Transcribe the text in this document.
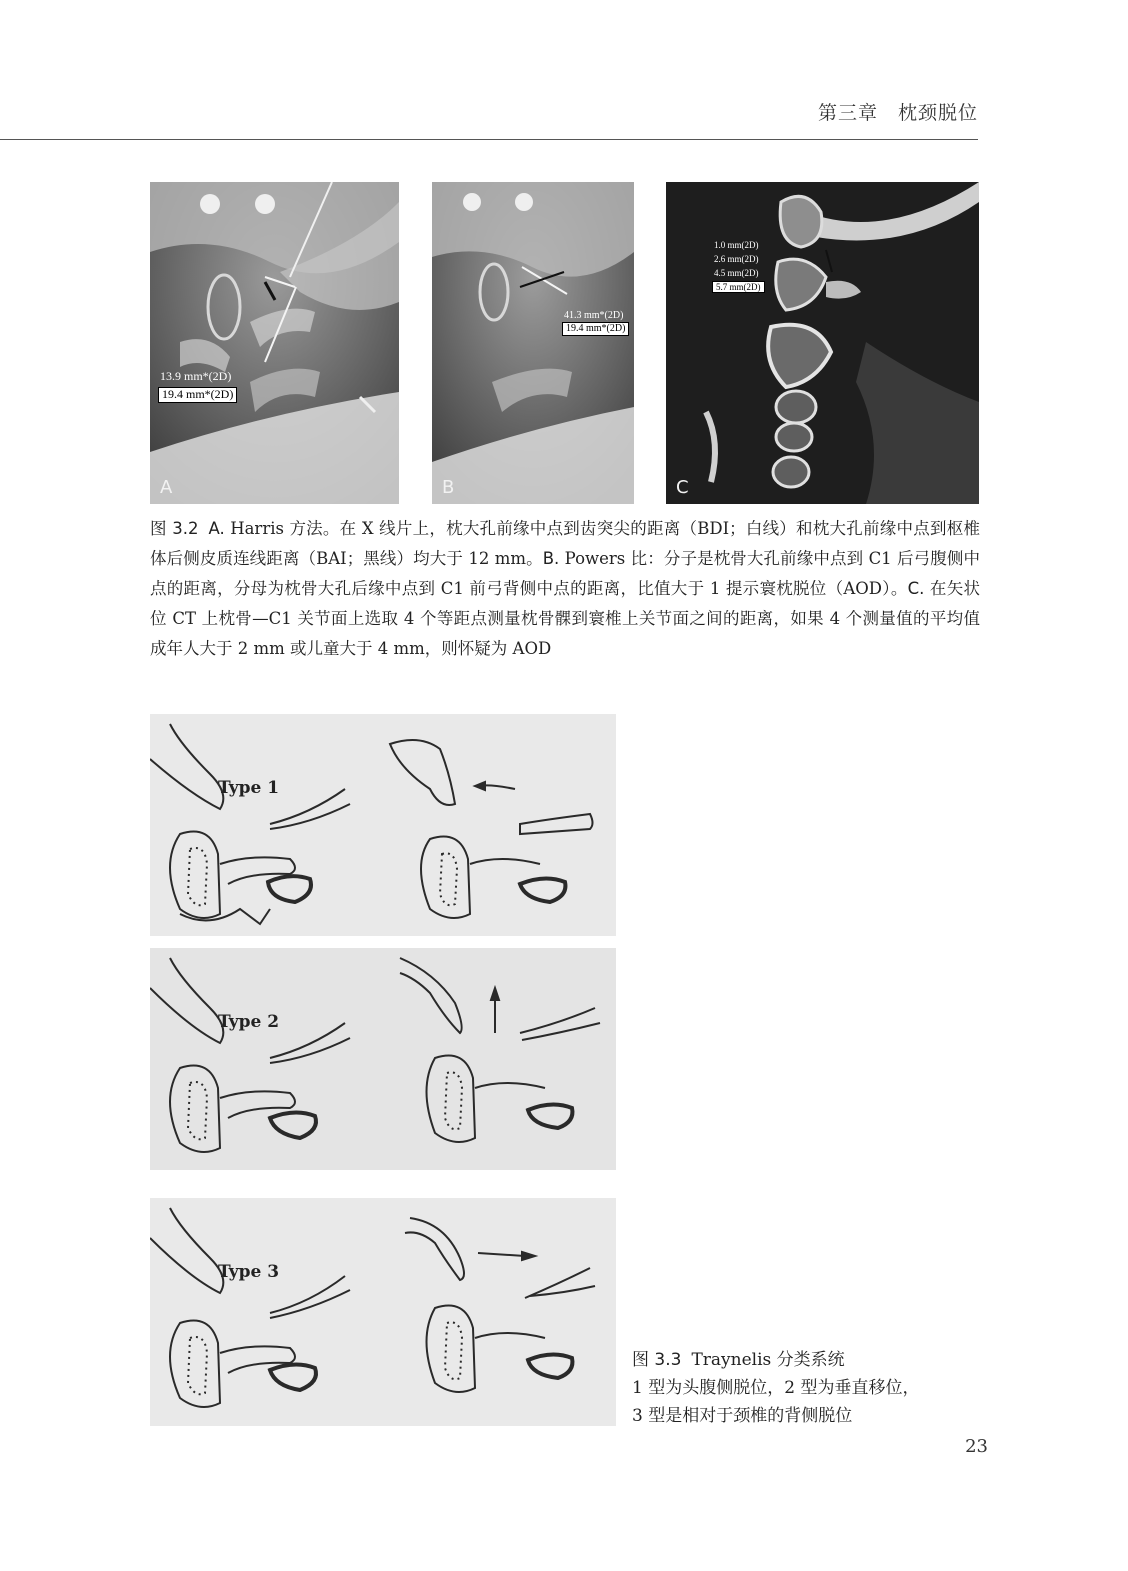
第三章　枕颈脱位
13.9 mm*(2D)
19.4 mm*(2D)
A
41.3 mm*(2D)
19.4 mm*(2D)
B
1.0 mm(2D)
2.6 mm(2D)
4.5 mm(2D)
5.7 mm(2D)
C
图 3.2 A. Harris 方法。在 X 线片上，枕大孔前缘中点到齿突尖的距离（BDI；白线）和枕大孔前缘中点到枢椎体后侧皮质连线距离（BAI；黑线）均大于 12 mm。B. Powers 比：分子是枕骨大孔前缘中点到 C1 后弓腹侧中点的距离，分母为枕骨大孔后缘中点到 C1 前弓背侧中点的距离，比值大于 1 提示寰枕脱位（AOD）。C. 在矢状位 CT 上枕骨—C1 关节面上选取 4 个等距点测量枕骨髁到寰椎上关节面之间的距离，如果 4 个测量值的平均值成年人大于 2 mm 或儿童大于 4 mm，则怀疑为 AOD
Type 1
Type 2
Type 3
图 3.3 Traynelis 分类系统
1 型为头腹侧脱位，2 型为垂直移位，
3 型是相对于颈椎的背侧脱位
23
